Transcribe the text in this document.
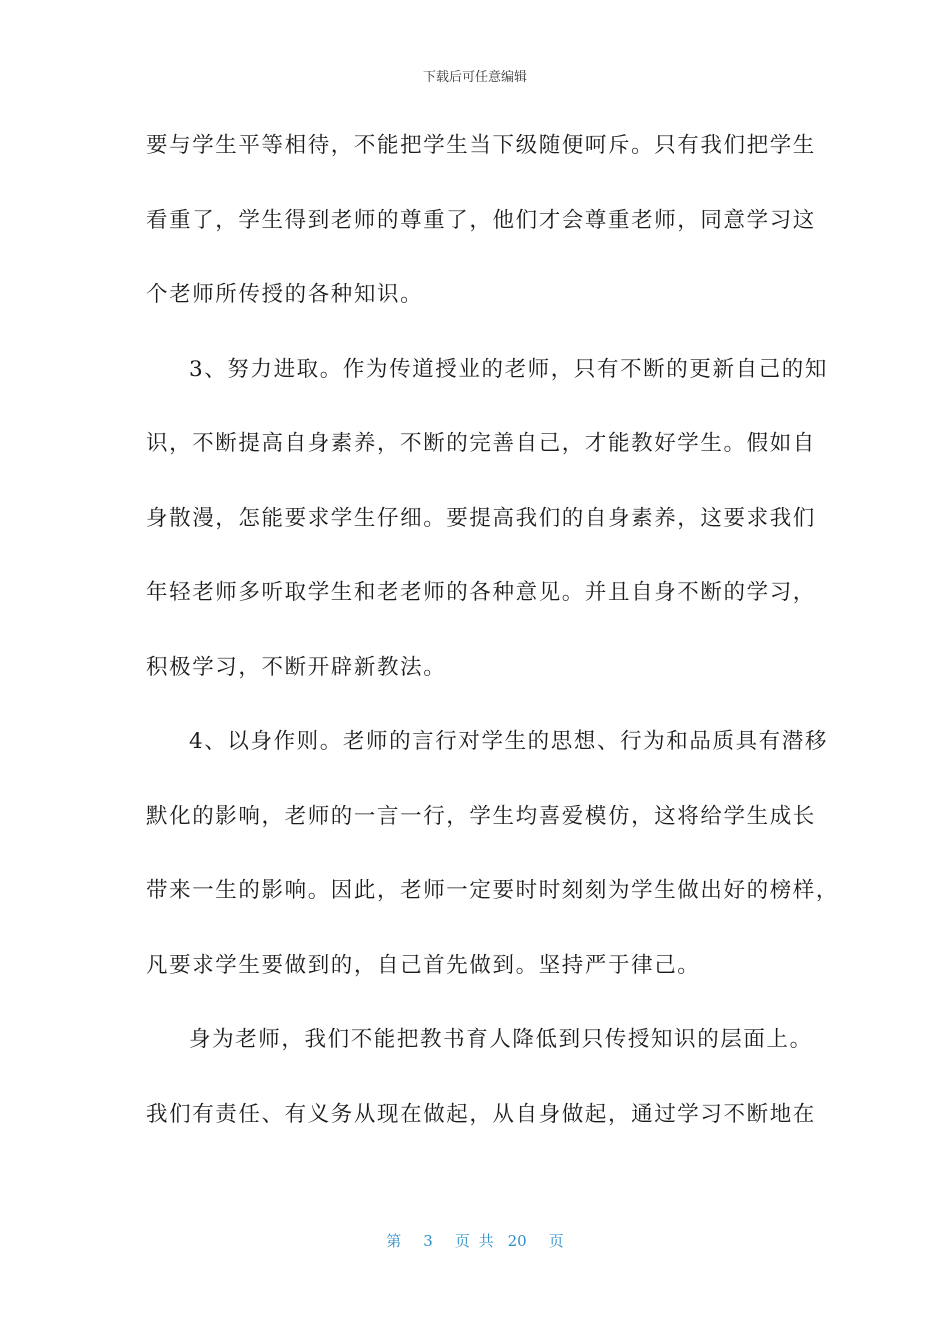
下载后可任意编辑
要与学生平等相待，不能把学生当下级随便呵斥。只有我们把学生
看重了，学生得到老师的尊重了，他们才会尊重老师，同意学习这
个老师所传授的各种知识。
3、努力进取。作为传道授业的老师，只有不断的更新自己的知
识，不断提高自身素养，不断的完善自己，才能教好学生。假如自
身散漫，怎能要求学生仔细。要提高我们的自身素养，这要求我们
年轻老师多听取学生和老老师的各种意见。并且自身不断的学习，
积极学习，不断开辟新教法。
4、以身作则。老师的言行对学生的思想、行为和品质具有潜移
默化的影响，老师的一言一行，学生均喜爱模仿，这将给学生成长
带来一生的影响。因此，老师一定要时时刻刻为学生做出好的榜样，
凡要求学生要做到的，自己首先做到。坚持严于律己。
身为老师，我们不能把教书育人降低到只传授知识的层面上。
我们有责任、有义务从现在做起，从自身做起，通过学习不断地在
第 3 页 共 20 页
